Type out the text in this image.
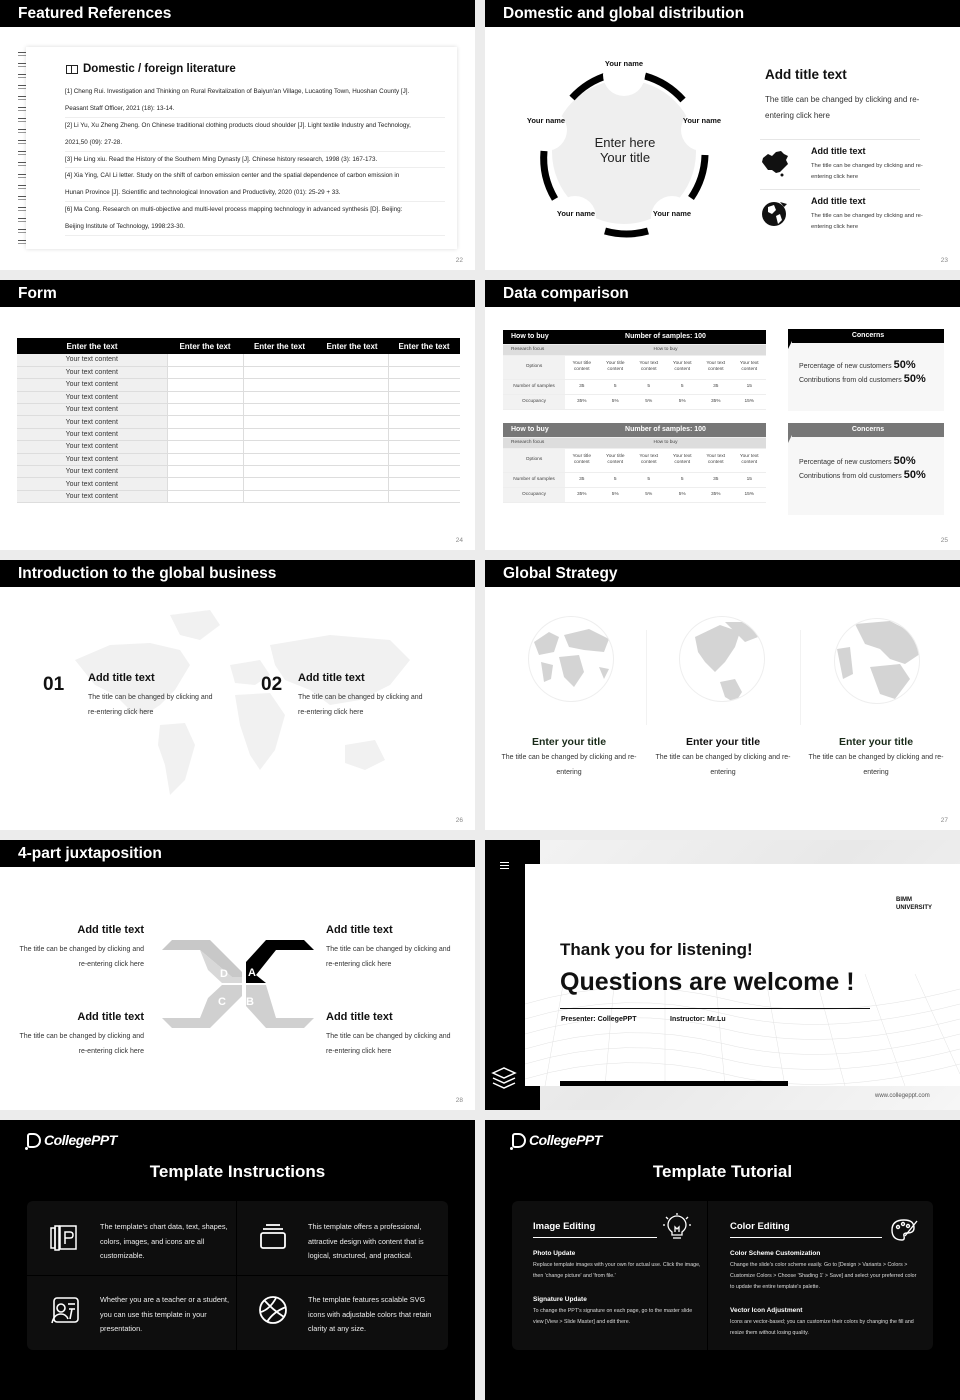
Featured References
22
Domestic / foreign literature
[1] Cheng Rui. Investigation and Thinking on Rural Revitalization of Baiyun'an Village, Lucaoting Town, Huoshan County [J].
Peasant Staff Officer, 2021 (18): 13-14.
[2] Li Yu, Xu Zheng Zheng. On Chinese traditional clothing products cloud shoulder [J]. Light textile Industry and Technology,
2021,50 (09): 27-28.
[3] He Ling xiu. Read the History of the Southern Ming Dynasty [J]. Chinese history research, 1998 (3): 167-173.
[4] Xia Ying, CAI Li letter. Study on the shift of carbon emission center and the spatial dependence of carbon emission in
Hunan Province [J]. Scientific and technological Innovation and Productivity, 2020 (01): 25-29 + 33.
[6] Ma Cong. Research on multi-objective and multi-level process mapping technology in advanced synthesis [D]. Beijing:
Beijing Institute of Technology, 1998:23-30.
Domestic and global distribution
23
Enter here
Your title
Your name
Your name	Your name
Your name	Your name
Add title text
The title can be changed by clicking and re-entering click here
Add title text
The title can be changed by clicking and re-entering click here
Add title text
The title can be changed by clicking and re-entering click here
Form
24
Enter the text	Enter the text	Enter the text	Enter the text	Enter the text
Your text content				
Your text content				
Your text content				
Your text content				
Your text content				
Your text content				
Your text content				
Your text content				
Your text content				
Your text content				
Your text content				
Your text content				
Data comparison
25
How to buy	Number of samples: 100					
Research focus	How to buy					
Options	Your title content	Your title content	Your text content	Your text content	Your text content	Your text content
Number of samples	35	5	5	5	35	15
Occupancy	35%	5%	5%	5%	35%	15%
How to buy	Number of samples: 100					
Research focus	How to buy					
Options	Your title content	Your title content	Your text content	Your text content	Your text content	Your text content
Number of samples	35	5	5	5	35	15
Occupancy	35%	5%	5%	5%	35%	15%
Concerns
Percentage of new customers 50%
Contributions from old customers 50%
Concerns
Percentage of new customers 50%
Contributions from old customers 50%
Introduction to the global business
26
01 Add title text
The title can be changed by clicking and re-entering click here
02 Add title text
The title can be changed by clicking and re-entering click here
Global Strategy
27
Enter your title
The title can be changed by clicking and re-entering
Enter your title
The title can be changed by clicking and re-entering
Enter your title
The title can be changed by clicking and re-entering
4-part juxtaposition
28
D A
C B
Add title text
The title can be changed by clicking and re-entering click here
Add title text
The title can be changed by clicking and re-entering click here
Add title text
The title can be changed by clicking and re-entering click here
Add title text
The title can be changed by clicking and re-entering click here
BIMM
UNIVERSITY
Thank you for listening!
Questions are welcome !
Presenter: CollegePPT	Instructor: Mr.Lu
www.collegeppt.com
CollegePPT
Template Instructions
The template's chart data, text, shapes, colors, images, and icons are all customizable.
This template offers a professional, attractive design with content that is logical, structured, and practical.
Whether you are a teacher or a student, you can use this template in your presentation.
The template features scalable SVG icons with adjustable colors that retain clarity at any size.
CollegePPT
Template Tutorial
Image Editing
Photo Update
Replace template images with your own for actual use. Click the image, then 'change picture' and 'from file.'
Signature Update
To change the PPT's signature on each page, go to the master slide view [View > Slide Master] and edit there.
Color Editing
Color Scheme Customization
Change the slide's color scheme easily. Go to [Design > Variants > Colors > Customize Colors > Choose 'Shading 1' > Save] and select your preferred color to update the entire template's palette.
Vector Icon Adjustment
Icons are vector-based; you can customize their colors by changing the fill and resize them without losing quality.
